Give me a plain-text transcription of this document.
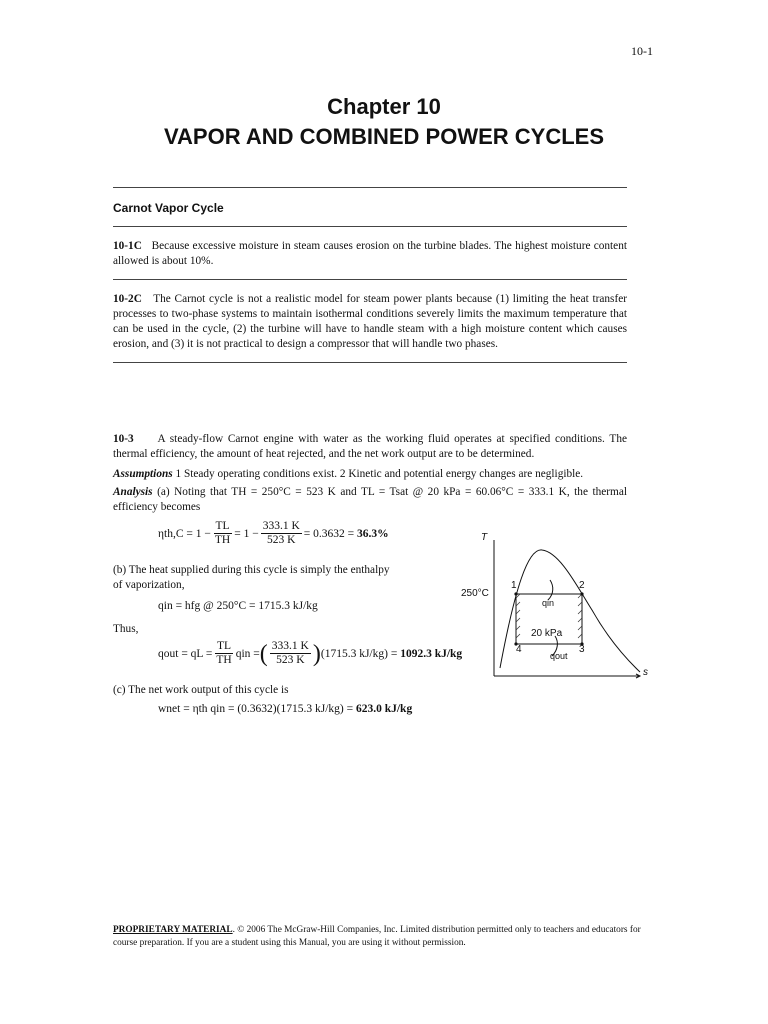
10-1
Chapter 10
VAPOR AND COMBINED POWER CYCLES
Carnot Vapor Cycle
10-1C Because excessive moisture in steam causes erosion on the turbine blades. The highest moisture content allowed is about 10%.
10-2C The Carnot cycle is not a realistic model for steam power plants because (1) limiting the heat transfer processes to two-phase systems to maintain isothermal conditions severely limits the maximum temperature that can be used in the cycle, (2) the turbine will have to handle steam with a high moisture content which causes erosion, and (3) it is not practical to design a compressor that will handle two phases.
10-3 A steady-flow Carnot engine with water as the working fluid operates at specified conditions. The thermal efficiency, the amount of heat rejected, and the net work output are to be determined.
Assumptions 1 Steady operating conditions exist. 2 Kinetic and potential energy changes are negligible.
Analysis (a) Noting that TH = 250°C = 523 K and TL = Tsat @ 20 kPa = 60.06°C = 333.1 K, the thermal efficiency becomes
$\eta th,C = 1 - \frac{TL}{TH} = 1 - \frac{333.1 K}{523 K} = 0.3632$ =
36.3%
(b) The heat supplied during this cycle is simply the enthalpy of vaporization,
qin = hfg @ 250°C = 1715.3 kJ/kg
Thus,
qout = qL = $\frac{TL}{TH}$ qin = ( $\frac{333.1 K}{523 K}$ ) (1715.3 kJ/kg) =
1092.3 kJ/kg
(c) The net work output of this cycle is
wnet = ηth qin = (0.3632)(1715.3 kJ/kg) =
623.0 kJ/kg
T
s
250°C
20 kPa
qin
qout
1	2
3
4
PROPRIETARY MATERIAL. © 2006 The McGraw-Hill Companies, Inc. Limited distribution permitted only to teachers and educators for course preparation. If you are a student using this Manual, you are using it without permission.
